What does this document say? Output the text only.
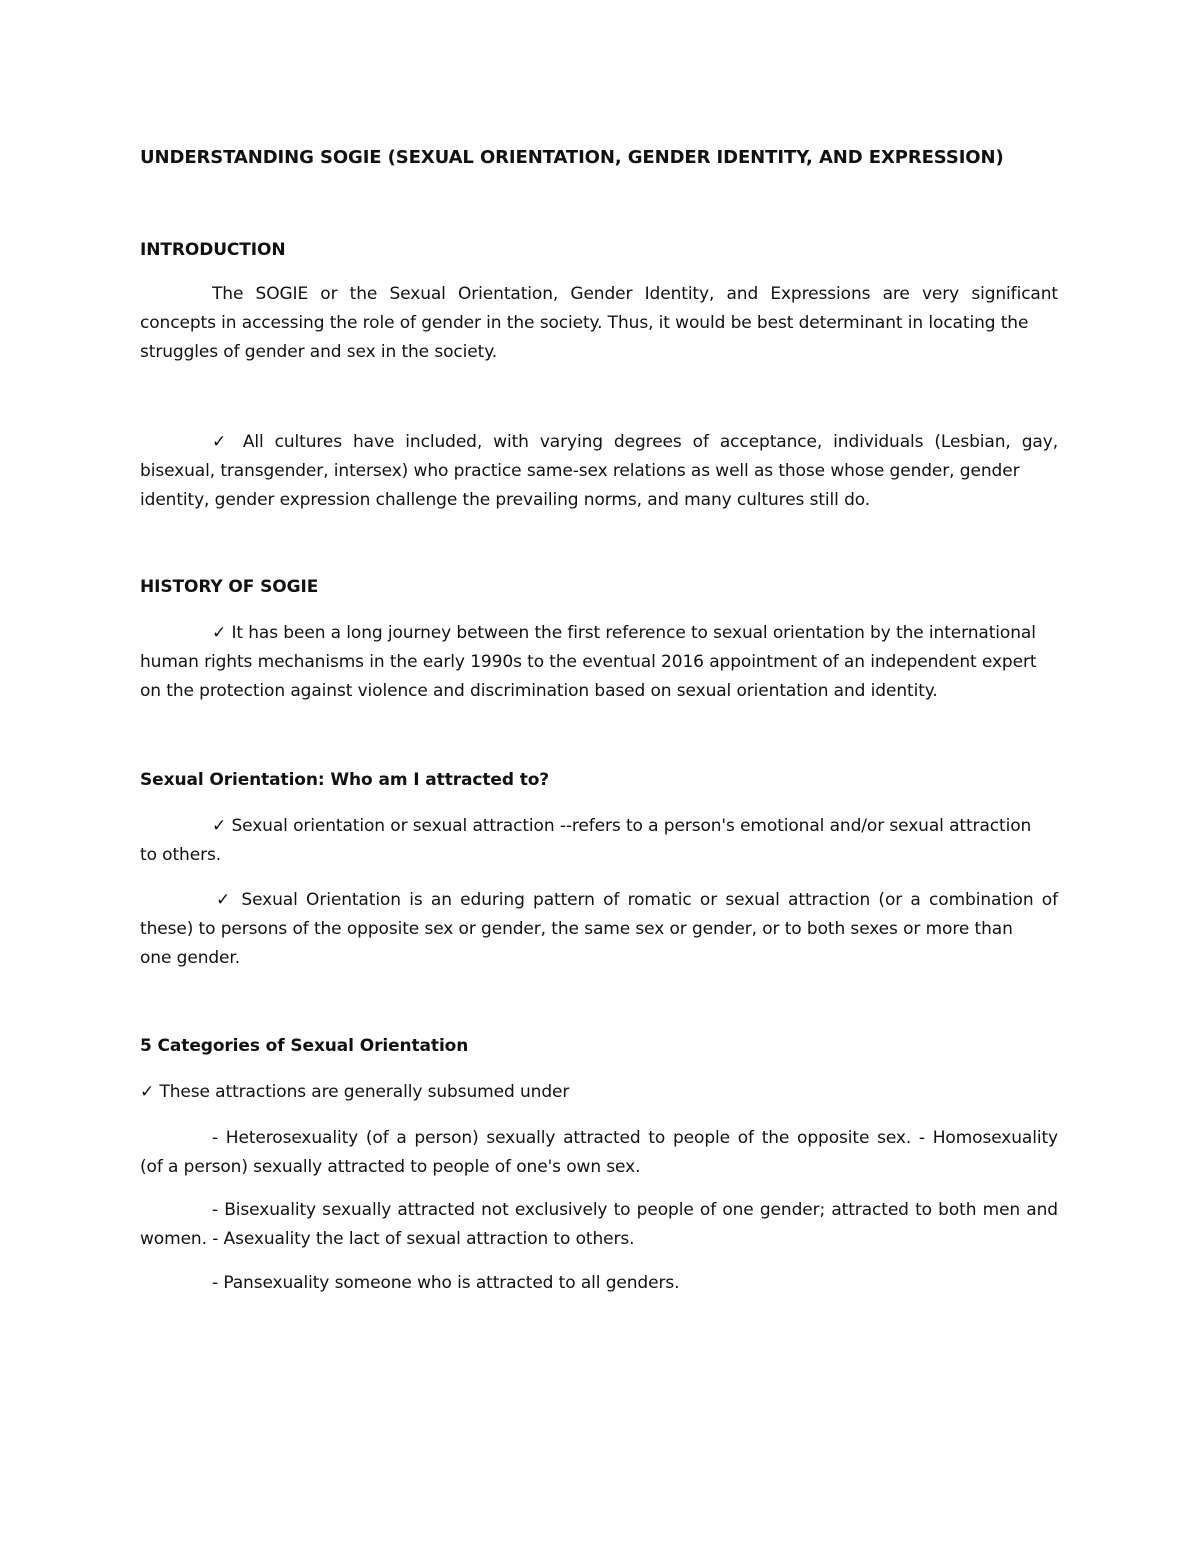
UNDERSTANDING SOGIE (SEXUAL ORIENTATION, GENDER IDENTITY, AND EXPRESSION)
INTRODUCTION
The SOGIE or the Sexual Orientation, Gender Identity, and Expressions are very significant
concepts in accessing the role of gender in the society. Thus, it would be best determinant in locating the
struggles of gender and sex in the society.
✓ All cultures have included, with varying degrees of acceptance, individuals (Lesbian, gay,
bisexual, transgender, intersex) who practice same-sex relations as well as those whose gender, gender
identity, gender expression challenge the prevailing norms, and many cultures still do.
HISTORY OF SOGIE
✓ It has been a long journey between the first reference to sexual orientation by the international
human rights mechanisms in the early 1990s to the eventual 2016 appointment of an independent expert
on the protection against violence and discrimination based on sexual orientation and identity.
Sexual Orientation: Who am I attracted to?
✓ Sexual orientation or sexual attraction --refers to a person's emotional and/or sexual attraction
to others.
✓ Sexual Orientation is an eduring pattern of romatic or sexual attraction (or a combination of
these) to persons of the opposite sex or gender, the same sex or gender, or to both sexes or more than
one gender.
5 Categories of Sexual Orientation
✓ These attractions are generally subsumed under
- Heterosexuality (of a person) sexually attracted to people of the opposite sex. - Homosexuality
(of a person) sexually attracted to people of one's own sex.
- Bisexuality sexually attracted not exclusively to people of one gender; attracted to both men and
women. - Asexuality the lact of sexual attraction to others.
- Pansexuality someone who is attracted to all genders.
